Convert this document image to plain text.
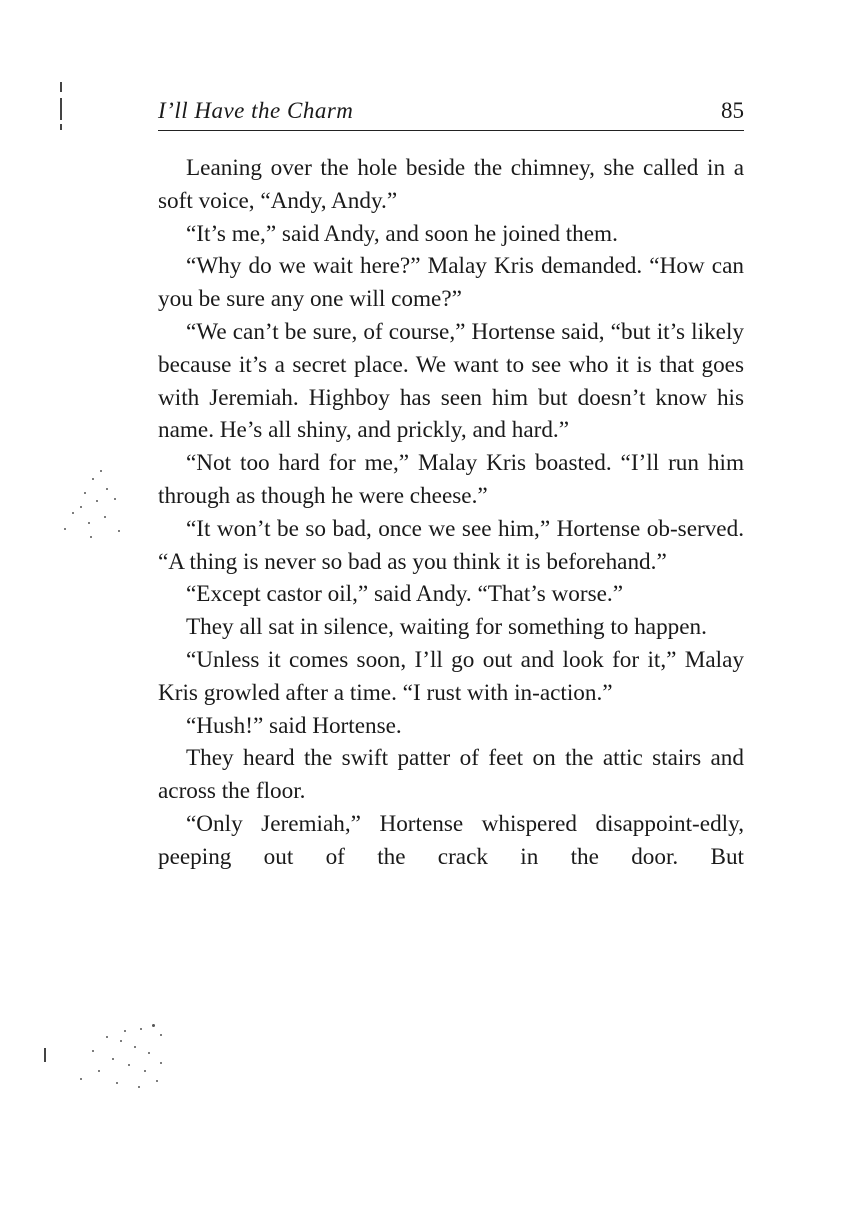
I’ll Have the Charm	85

Leaning over the hole beside the chimney, she called in a soft voice, “Andy, Andy.”

“It’s me,” said Andy, and soon he joined them.

“Why do we wait here?” Malay Kris demanded. “How can you be sure any one will come?”

“We can’t be sure, of course,” Hortense said, “but it’s likely because it’s a secret place. We want to see who it is that goes with Jeremiah. Highboy has seen him but doesn’t know his name. He’s all shiny, and prickly, and hard.”

“Not too hard for me,” Malay Kris boasted. “I’ll run him through as though he were cheese.”

“It won’t be so bad, once we see him,” Hortense ob-served. “A thing is never so bad as you think it is beforehand.”

“Except castor oil,” said Andy. “That’s worse.”

They all sat in silence, waiting for something to happen.

“Unless it comes soon, I’ll go out and look for it,” Malay Kris growled after a time. “I rust with in-action.”

“Hush!” said Hortense.

They heard the swift patter of feet on the attic stairs and across the floor.

“Only Jeremiah,” Hortense whispered disappoint-edly, peeping out of the crack in the door. But
